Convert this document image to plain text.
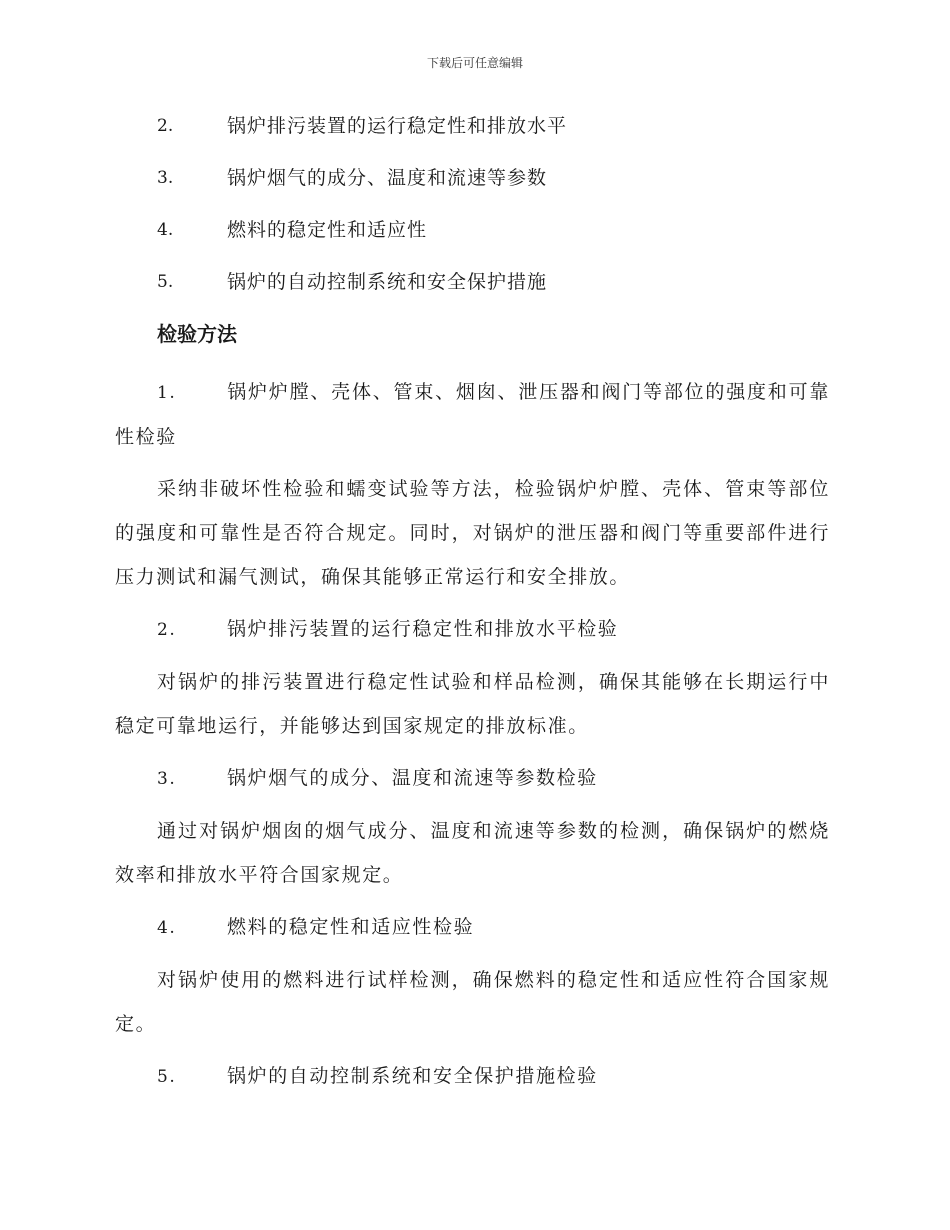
下载后可任意编辑
2.	锅炉排污装置的运行稳定性和排放水平
3.	锅炉烟气的成分、温度和流速等参数
4.	燃料的稳定性和适应性
5.	锅炉的自动控制系统和安全保护措施
检验方法
1.	锅炉炉膛、壳体、管束、烟囱、泄压器和阀门等部位的强度和可靠性检验
采纳非破坏性检验和蠕变试验等方法，检验锅炉炉膛、壳体、管束等部位的强度和可靠性是否符合规定。同时，对锅炉的泄压器和阀门等重要部件进行压力测试和漏气测试，确保其能够正常运行和安全排放。
2.	锅炉排污装置的运行稳定性和排放水平检验
对锅炉的排污装置进行稳定性试验和样品检测，确保其能够在长期运行中稳定可靠地运行，并能够达到国家规定的排放标准。
3.	锅炉烟气的成分、温度和流速等参数检验
通过对锅炉烟囱的烟气成分、温度和流速等参数的检测，确保锅炉的燃烧效率和排放水平符合国家规定。
4.	燃料的稳定性和适应性检验
对锅炉使用的燃料进行试样检测，确保燃料的稳定性和适应性符合国家规定。
5.	锅炉的自动控制系统和安全保护措施检验
